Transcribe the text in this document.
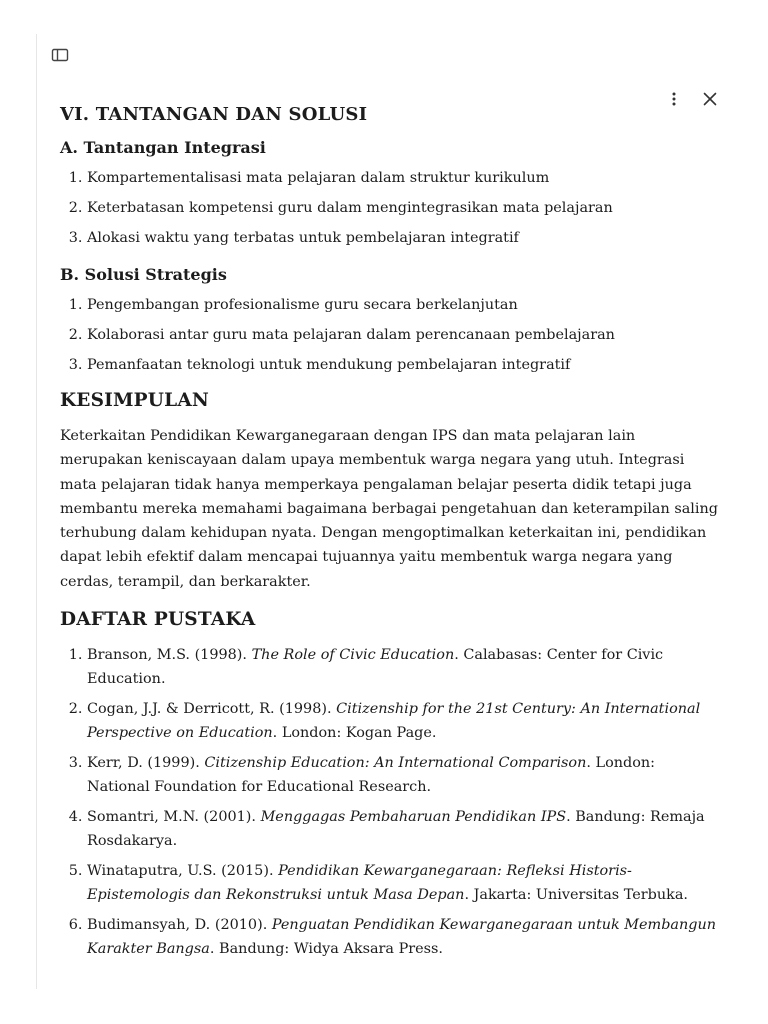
VI. TANTANGAN DAN SOLUSI
A. Tantangan Integrasi
1. Kompartementalisasi mata pelajaran dalam struktur kurikulum
2. Keterbatasan kompetensi guru dalam mengintegrasikan mata pelajaran
3. Alokasi waktu yang terbatas untuk pembelajaran integratif
B. Solusi Strategis
1. Pengembangan profesionalisme guru secara berkelanjutan
2. Kolaborasi antar guru mata pelajaran dalam perencanaan pembelajaran
3. Pemanfaatan teknologi untuk mendukung pembelajaran integratif
KESIMPULAN

Keterkaitan Pendidikan Kewarganegaraan dengan IPS dan mata pelajaran lain merupakan keniscayaan dalam upaya membentuk warga negara yang utuh. Integrasi mata pelajaran tidak hanya memperkaya pengalaman belajar peserta didik tetapi juga membantu mereka memahami bagaimana berbagai pengetahuan dan keterampilan saling terhubung dalam kehidupan nyata. Dengan mengoptimalkan keterkaitan ini, pendidikan dapat lebih efektif dalam mencapai tujuannya yaitu membentuk warga negara yang cerdas, terampil, dan berkarakter.

DAFTAR PUSTAKA
1. Branson, M.S. (1998). The Role of Civic Education. Calabasas: Center for Civic Education.
2. Cogan, J.J. & Derricott, R. (1998). Citizenship for the 21st Century: An International Perspective on Education. London: Kogan Page.
3. Kerr, D. (1999). Citizenship Education: An International Comparison. London: National Foundation for Educational Research.
4. Somantri, M.N. (2001). Menggagas Pembaharuan Pendidikan IPS. Bandung: Remaja Rosdakarya.
5. Winataputra, U.S. (2015). Pendidikan Kewarganegaraan: Refleksi Historis-Epistemologis dan Rekonstruksi untuk Masa Depan. Jakarta: Universitas Terbuka.
6. Budimansyah, D. (2010). Penguatan Pendidikan Kewarganegaraan untuk Membangun Karakter Bangsa. Bandung: Widya Aksara Press.
